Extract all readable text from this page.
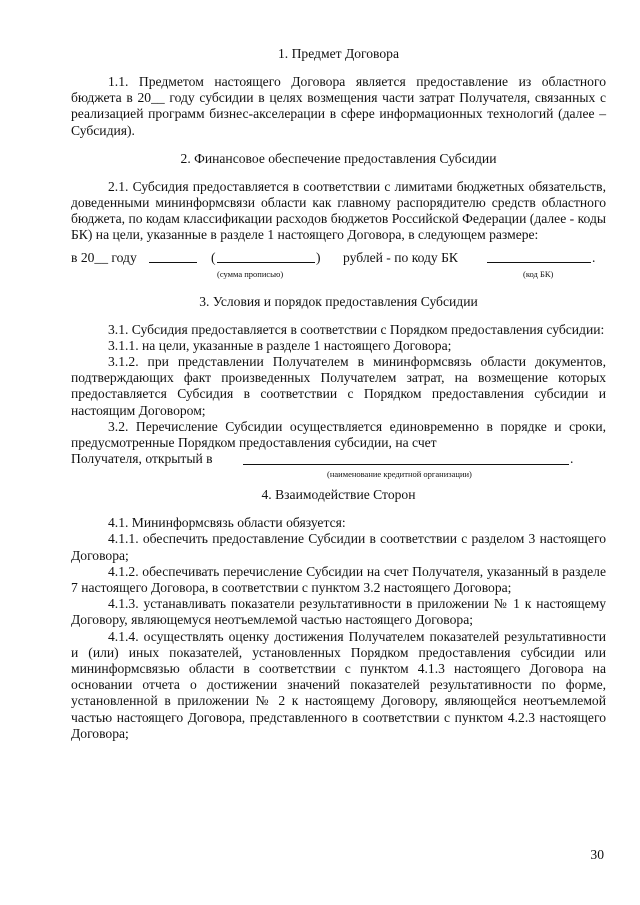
1. Предмет Договора

1.1. Предметом настоящего Договора является предоставление из областного бюджета в 20__ году субсидии в целях возмещения части затрат Получателя, связанных с реализацией программ бизнес-акселерации в сфере информационных технологий (далее – Субсидия).

2. Финансовое обеспечение предоставления Субсидии

2.1. Субсидия предоставляется в соответствии с лимитами бюджетных обязательств, доведенными мининформсвязи области как главному распорядителю средств областного бюджета, по кодам классификации расходов бюджетов Российской Федерации (далее - коды БК) на цели, указанные в разделе 1 настоящего Договора, в следующем размере:

в 20__ году	(	) рублей - по коду БК	.
(сумма прописью)	(код БК)
3. Условия и порядок предоставления Субсидии

3.1. Субсидия предоставляется в соответствии с Порядком предоставления субсидии:

3.1.1. на цели, указанные в разделе 1 настоящего Договора;

3.1.2. при представлении Получателем в мининформсвязь области документов, подтверждающих факт произведенных Получателем затрат, на возмещение которых предоставляется Субсидия в соответствии с Порядком предоставления субсидии и настоящим Договором;

3.2. Перечисление Субсидии осуществляется единовременно в порядке и сроки, предусмотренные Порядком предоставления субсидии, на счет

Получателя, открытый в	.
(наименование кредитной организации)
4. Взаимодействие Сторон

4.1. Мининформсвязь области обязуется:

4.1.1. обеспечить предоставление Субсидии в соответствии с разделом 3 настоящего Договора;

4.1.2. обеспечивать перечисление Субсидии на счет Получателя, указанный в разделе 7 настоящего Договора, в соответствии с пунктом 3.2 настоящего Договора;

4.1.3. устанавливать показатели результативности в приложении № 1 к настоящему Договору, являющемуся неотъемлемой частью настоящего Договора;

4.1.4. осуществлять оценку достижения Получателем показателей результативности и (или) иных показателей, установленных Порядком предоставления субсидии или мининформсвязью области в соответствии с пунктом 4.1.3 настоящего Договора на основании отчета о достижении значений показателей результативности по форме, установленной в приложении № 2 к настоящему Договору, являющейся неотъемлемой частью настоящего Договора, представленного в соответствии с пунктом 4.2.3 настоящего Договора;

30
